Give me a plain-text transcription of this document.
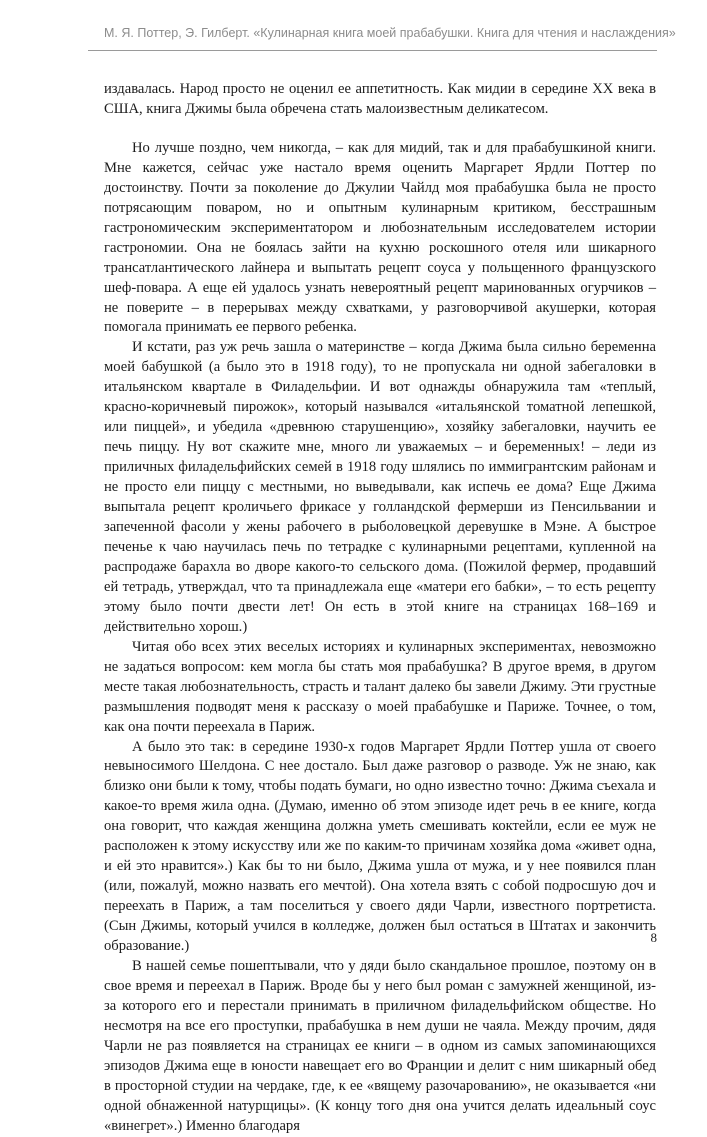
М. Я. Поттер, Э. Гилберт. «Кулинарная книга моей прабабушки. Книга для чтения и наслаждения»

издавалась. Народ просто не оценил ее аппетитность. Как мидии в середине XX века в США, книга Джимы была обречена стать малоизвестным деликатесом.

Но лучше поздно, чем никогда, – как для мидий, так и для прабабушкиной книги. Мне кажется, сейчас уже настало время оценить Маргарет Ярдли Поттер по достоинству. Почти за поколение до Джулии Чайлд моя прабабушка была не просто потрясающим поваром, но и опытным кулинарным критиком, бесстрашным гастрономическим экспериментатором и любознательным исследователем истории гастрономии. Она не боялась зайти на кухню роскошного отеля или шикарного трансатлантического лайнера и выпытать рецепт соуса у польщенного французского шеф-повара. А еще ей удалось узнать невероятный рецепт маринованных огурчиков – не поверите – в перерывах между схватками, у разговорчивой акушерки, которая помогала принимать ее первого ребенка.

И кстати, раз уж речь зашла о материнстве – когда Джима была сильно беременна моей бабушкой (а было это в 1918 году), то не пропускала ни одной забегаловки в итальянском квартале в Филадельфии. И вот однажды обнаружила там «теплый, красно-коричневый пирожок», который назывался «итальянской томатной лепешкой, или пиццей», и убедила «древнюю старушенцию», хозяйку забегаловки, научить ее печь пиццу. Ну вот скажите мне, много ли уважаемых – и беременных! – леди из приличных филадельфийских семей в 1918 году шлялись по иммигрантским районам и не просто ели пиццу с местными, но выведывали, как испечь ее дома? Еще Джима выпытала рецепт кроличьего фрикасе у голландской фермерши из Пенсильвании и запеченной фасоли у жены рабочего в рыболовецкой деревушке в Мэне. А быстрое печенье к чаю научилась печь по тетрадке с кулинарными рецептами, купленной на распродаже барахла во дворе какого-то сельского дома. (Пожилой фермер, продавший ей тетрадь, утверждал, что та принадлежала еще «матери его бабки», – то есть рецепту этому было почти двести лет! Он есть в этой книге на страницах 168–169 и действительно хорош.)

Читая обо всех этих веселых историях и кулинарных экспериментах, невозможно не задаться вопросом: кем могла бы стать моя прабабушка? В другое время, в другом месте такая любознательность, страсть и талант далеко бы завели Джиму. Эти грустные размышления подводят меня к рассказу о моей прабабушке и Париже. Точнее, о том, как она почти переехала в Париж.

А было это так: в середине 1930-х годов Маргарет Ярдли Поттер ушла от своего невыносимого Шелдона. С нее достало. Был даже разговор о разводе. Уж не знаю, как близко они были к тому, чтобы подать бумаги, но одно известно точно: Джима съехала и какое-то время жила одна. (Думаю, именно об этом эпизоде идет речь в ее книге, когда она говорит, что каждая женщина должна уметь смешивать коктейли, если ее муж не расположен к этому искусству или же по каким-то причинам хозяйка дома «живет одна, и ей это нравится».) Как бы то ни было, Джима ушла от мужа, и у нее появился план (или, пожалуй, можно назвать его мечтой). Она хотела взять с собой подросшую доч и переехать в Париж, а там поселиться у своего дяди Чарли, известного портретиста. (Сын Джимы, который учился в колледже, должен был остаться в Штатах и закончить образование.)

В нашей семье пошептывали, что у дяди было скандальное прошлое, поэтому он в свое время и переехал в Париж. Вроде бы у него был роман с замужней женщиной, из-за которого его и перестали принимать в приличном филадельфийском обществе. Но несмотря на все его проступки, прабабушка в нем души не чаяла. Между прочим, дядя Чарли не раз появляется на страницах ее книги – в одном из самых запоминающихся эпизодов Джима еще в юности навещает его во Франции и делит с ним шикарный обед в просторной студии на чердаке, где, к ее «вящему разочарованию», не оказывается «ни одной обнаженной натурщицы». (К концу того дня она учится делать идеальный соус «винегрет».) Именно благодаря

8
